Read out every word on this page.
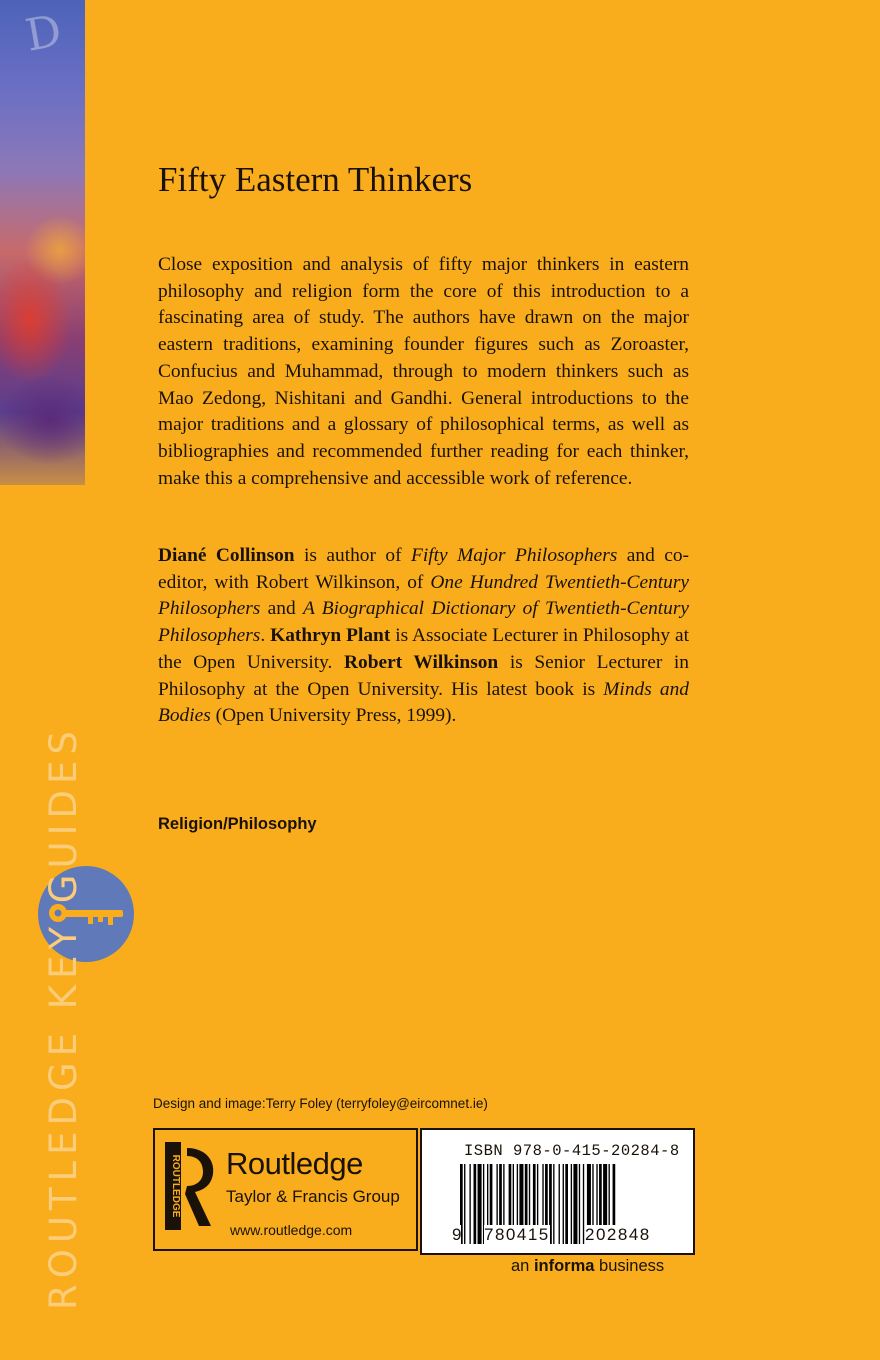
D
ROUTLEDGE KEY GUIDES
Fifty Eastern Thinkers

Close exposition and analysis of fifty major thinkers in eastern philosophy and religion form the core of this introduction to a fascinating area of study. The authors have drawn on the major eastern traditions, examining founder figures such as Zoroaster, Confucius and Muhammad, through to modern thinkers such as Mao Zedong, Nishitani and Gandhi. General introductions to the major traditions and a glossary of philosophical terms, as well as bibliographies and recommended further reading for each thinker, make this a comprehensive and accessible work of reference.

Diané Collinson is author of Fifty Major Philosophers and co-editor, with Robert Wilkinson, of One Hundred Twentieth-Century Philosophers and A Biographical Dictionary of Twentieth-Century Philosophers. Kathryn Plant is Associate Lecturer in Philosophy at the Open University. Robert Wilkinson is Senior Lecturer in Philosophy at the Open University. His latest book is Minds and Bodies (Open University Press, 1999).

Religion/Philosophy
Design and image:Terry Foley (terryfoley@eircomnet.ie)
ROUTLEDGE Routledge
Taylor & Francis Group
www.routledge.com
ISBN 978-0-415-20284-8
9 780415 202848
an informa business
